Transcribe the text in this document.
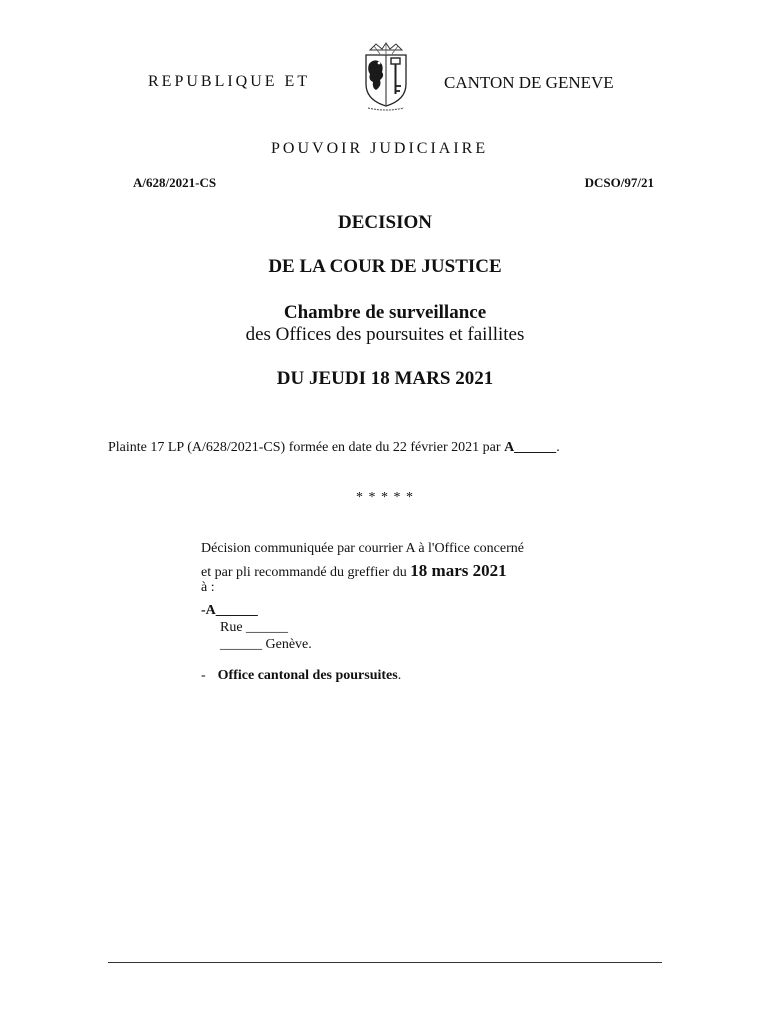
REPUBLIQUE ET	CANTON DE GENEVE
POUVOIR JUDICIAIRE
A/628/2021-CS	DCSO/97/21
DECISION
DE LA COUR DE JUSTICE
Chambre de surveillance
des Offices des poursuites et faillites
DU JEUDI 18 MARS 2021
Plainte 17 LP (A/628/2021-CS) formée en date du 22 février 2021 par A______.
* * * * *
Décision communiquée par courrier A à l'Office concerné
et par pli recommandé du greffier du 18 mars 2021
à :
-A______
Rue ______
______ Genève.
- Office cantonal des poursuites.
